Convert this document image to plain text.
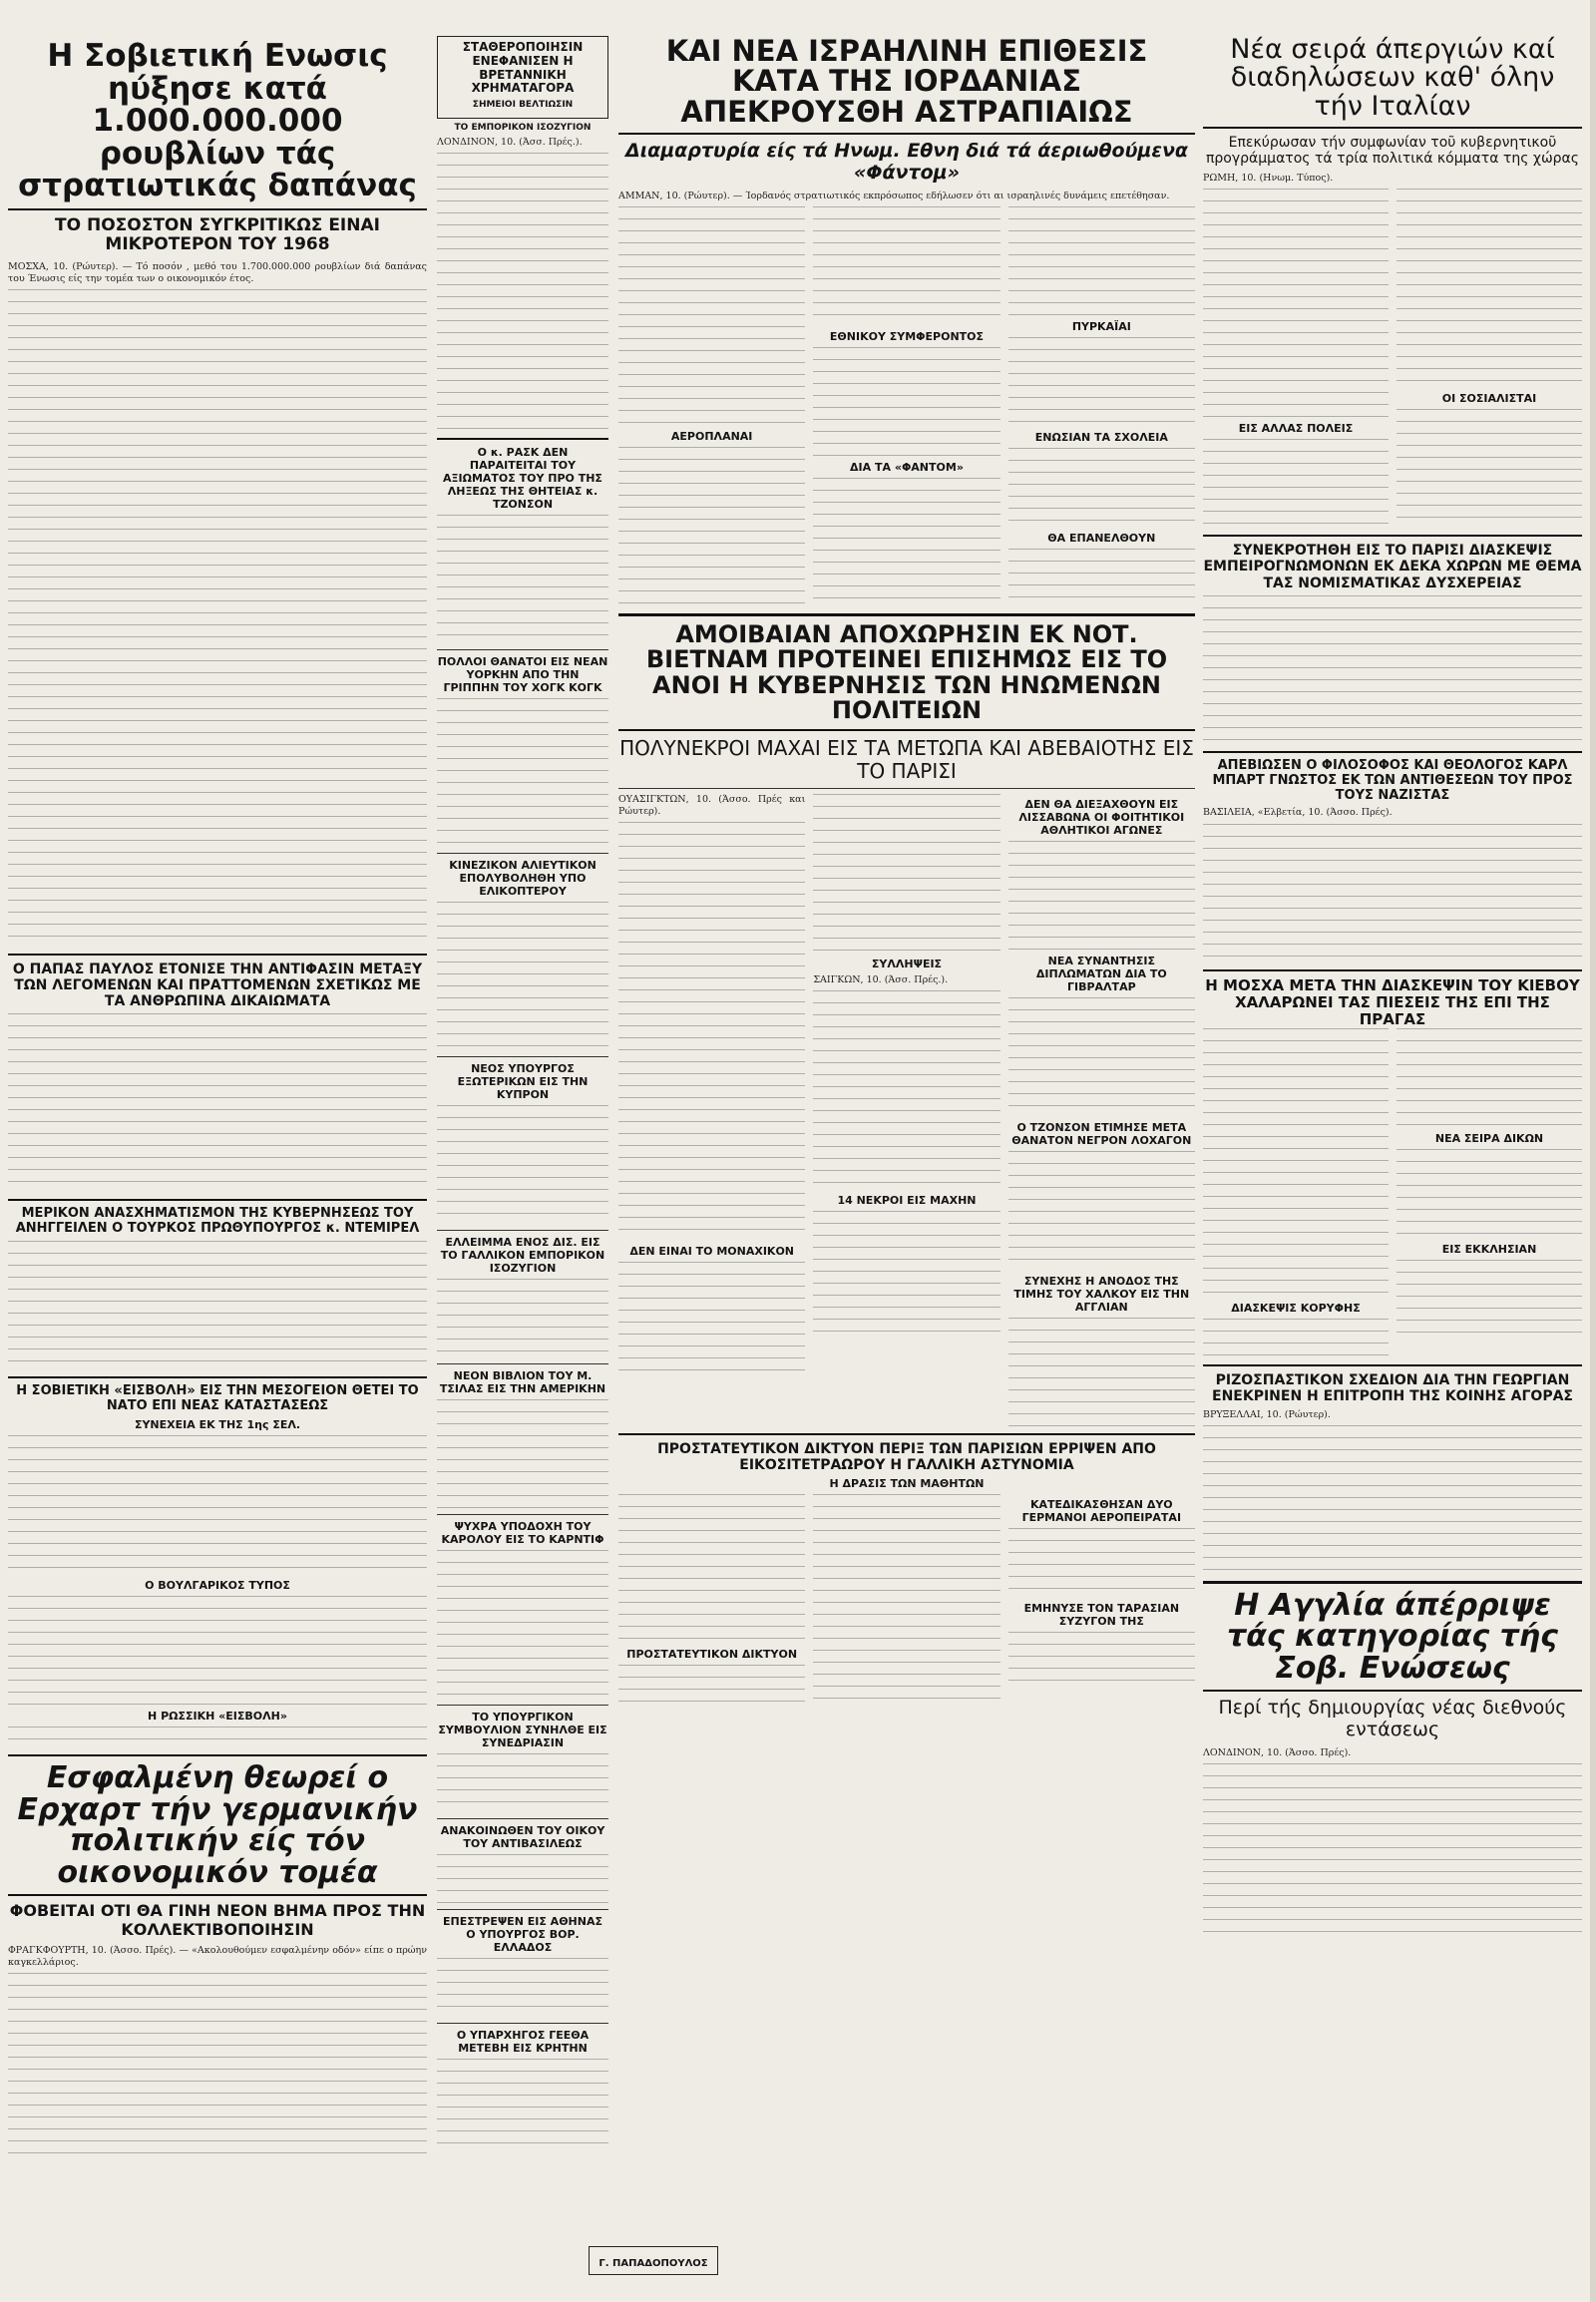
Η Σοβιετική Ενωσις ηύξησε κατά 1.000.000.000 ρουβλίων τάς στρατιωτικάς δαπάνας
ΤΟ ΠΟΣΟΣΤΟΝ ΣΥΓΚΡΙΤΙΚΩΣ ΕΙΝΑΙ ΜΙΚΡΟΤΕΡΟΝ ΤΟΥ 1968

ΜΟΣΧΑ, 10. (Ρώυτερ). — Τό ποσόν , μεθό του 1.700.000.000 ρουβλίων διά δαπάνας του Ένωσις είς την τομέα των ο οικονομικόν έτος.

Ο ΠΑΠΑΣ ΠΑΥΛΟΣ ΕΤΟΝΙΣΕ ΤΗΝ ΑΝΤΙΦΑΣΙΝ ΜΕΤΑΞΥ ΤΩΝ ΛΕΓΟΜΕΝΩΝ ΚΑΙ ΠΡΑΤΤΟΜΕΝΩΝ ΣΧΕΤΙΚΩΣ ΜΕ ΤΑ ΑΝΘΡΩΠΙΝΑ ΔΙΚΑΙΩΜΑΤΑ
ΜΕΡΙΚΟΝ ΑΝΑΣΧΗΜΑΤΙΣΜΟΝ ΤΗΣ ΚΥΒΕΡΝΗΣΕΩΣ ΤΟΥ ΑΝΗΓΓΕΙΛΕΝ Ο ΤΟΥΡΚΟΣ ΠΡΩΘΥΠΟΥΡΓΟΣ κ. ΝΤΕΜΙΡΕΛ
Η ΣΟΒΙΕΤΙΚΗ «ΕΙΣΒΟΛΗ» ΕΙΣ ΤΗΝ ΜΕΣΟΓΕΙΟΝ ΘΕΤΕΙ ΤΟ ΝΑΤΟ ΕΠΙ ΝΕΑΣ ΚΑΤΑΣΤΑΣΕΩΣ

ΣΥΝΕΧΕΙΑ ΕΚ ΤΗΣ 1ης ΣΕΛ.

Ο ΒΟΥΛΓΑΡΙΚΟΣ ΤΥΠΟΣ

Η ΡΩΣΣΙΚΗ «ΕΙΣΒΟΛΗ»

Εσφαλμένη θεωρεί ο Ερχαρτ τήν γερμανικήν πολιτικήν είς τόν οικονομικόν τομέα
ΦΟΒΕΙΤΑΙ ΟΤΙ ΘΑ ΓΙΝΗ ΝΕΟΝ ΒΗΜΑ ΠΡΟΣ ΤΗΝ ΚΟΛΛΕΚΤΙΒΟΠΟΙΗΣΙΝ

ΦΡΑΓΚΦΟΥΡΤΗ, 10. (Άσσο. Πρές). — «Ακολουθούμεν εσφαλμένην οδόν» είπε ο πρώην καγκελλάριος.

ΣΤΑΘΕΡΟΠΟΙΗΣΙΝ ΕΝΕΦΑΝΙΣΕΝ Η ΒΡΕΤΑΝΝΙΚΗ ΧΡΗΜΑΤΑΓΟΡΑ

ΣΗΜΕΙΟΙ ΒΕΛΤΙΩΣΙΝ

ΤΟ ΕΜΠΟΡΙΚΟΝ ΙΣΟΖΥΓΙΟΝ

ΛΟΝΔΙΝΟΝ, 10. (Άσσ. Πρές.).

Ο κ. ΡΑΣΚ ΔΕΝ ΠΑΡΑΙΤΕΙΤΑΙ ΤΟΥ ΑΞΙΩΜΑΤΟΣ ΤΟΥ ΠΡΟ ΤΗΣ ΛΗΞΕΩΣ ΤΗΣ ΘΗΤΕΙΑΣ κ. ΤΖΟΝΣΟΝ

ΠΟΛΛΟΙ ΘΑΝΑΤΟΙ ΕΙΣ ΝΕΑΝ ΥΟΡΚΗΝ ΑΠΟ ΤΗΝ ΓΡΙΠΠΗΝ ΤΟΥ ΧΟΓΚ ΚΟΓΚ

ΚΙΝΕΖΙΚΟΝ ΑΛΙΕΥΤΙΚΟΝ ΕΠΟΛΥΒΟΛΗΘΗ ΥΠΟ ΕΛΙΚΟΠΤΕΡΟΥ

ΝΕΟΣ ΥΠΟΥΡΓΟΣ ΕΞΩΤΕΡΙΚΩΝ ΕΙΣ ΤΗΝ ΚΥΠΡΟΝ

ΕΛΛΕΙΜΜΑ ΕΝΟΣ ΔΙΣ. ΕΙΣ ΤΟ ΓΑΛΛΙΚΟΝ ΕΜΠΟΡΙΚΟΝ ΙΣΟΖΥΓΙΟΝ

ΝΕΟΝ ΒΙΒΛΙΟΝ ΤΟΥ Μ. ΤΣΙΛΑΣ ΕΙΣ ΤΗΝ ΑΜΕΡΙΚΗΝ

ΨΥΧΡΑ ΥΠΟΔΟΧΗ ΤΟΥ ΚΑΡΟΛΟΥ ΕΙΣ ΤΟ ΚΑΡΝΤΙΦ

ΤΟ ΥΠΟΥΡΓΙΚΟΝ ΣΥΜΒΟΥΛΙΟΝ ΣΥΝΗΛΘΕ ΕΙΣ ΣΥΝΕΔΡΙΑΣΙΝ

ΑΝΑΚΟΙΝΩΘΕΝ ΤΟΥ ΟΙΚΟΥ ΤΟΥ ΑΝΤΙΒΑΣΙΛΕΩΣ

ΕΠΕΣΤΡΕΨΕΝ ΕΙΣ ΑΘΗΝΑΣ Ο ΥΠΟΥΡΓΟΣ ΒΟΡ. ΕΛΛΑΔΟΣ

Ο ΥΠΑΡΧΗΓΟΣ ΓΕΕΘΑ ΜΕΤΕΒΗ ΕΙΣ ΚΡΗΤΗΝ

ΚΑΙ ΝΕΑ ΙΣΡΑΗΛΙΝΗ ΕΠΙΘΕΣΙΣ ΚΑΤΑ ΤΗΣ ΙΟΡΔΑΝΙΑΣ ΑΠΕΚΡΟΥΣΘΗ ΑΣΤΡΑΠΙΑΙΩΣ
Διαμαρτυρία είς τά Ηνωμ. Εθνη διά τά άεριωθούμενα «Φάντομ»

ΑΜΜΑΝ, 10. (Ρώυτερ). — Ίορδανός στρατιωτικός εκπρόσωπος εδήλωσεν ότι αι ισραηλινές δυνάμεις επετέθησαν.

ΑΕΡΟΠΛΑΝΑΙ

ΕΘΝΙΚΟΥ ΣΥΜΦΕΡΟΝΤΟΣ

ΔΙΑ ΤΑ «ΦΑΝΤΟΜ»

ΠΥΡΚΑΪΑΙ

ΕΝΩΣΙΑΝ ΤΑ ΣΧΟΛΕΙΑ

ΘΑ ΕΠΑΝΕΛΘΟΥΝ

ΑΜΟΙΒΑΙΑΝ ΑΠΟΧΩΡΗΣΙΝ ΕΚ ΝΟΤ. ΒΙΕΤΝΑΜ ΠΡΟΤΕΙΝΕΙ ΕΠΙΣΗΜΩΣ ΕΙΣ ΤΟ ΑΝΟΙ Η ΚΥΒΕΡΝΗΣΙΣ ΤΩΝ ΗΝΩΜΕΝΩΝ ΠΟΛΙΤΕΙΩΝ
ΠΟΛΥΝΕΚΡΟΙ ΜΑΧΑΙ ΕΙΣ ΤΑ ΜΕΤΩΠΑ ΚΑΙ ΑΒΕΒΑΙΟΤΗΣ ΕΙΣ ΤΟ ΠΑΡΙΣΙ

ΟΥΑΣΙΓΚΤΩΝ, 10. (Άσσο. Πρές και Ρώυτερ).

ΔΕΝ ΕΙΝΑΙ ΤΟ ΜΟΝΑΧΙΚΟΝ

ΣΥΛΛΗΨΕΙΣ

ΣΑΙΓΚΩΝ, 10. (Άσσ. Πρές.).

14 ΝΕΚΡΟΙ ΕΙΣ ΜΑΧΗΝ

ΔΕΝ ΘΑ ΔΙΕΞΑΧΘΟΥΝ ΕΙΣ ΛΙΣΣΑΒΩΝΑ ΟΙ ΦΟΙΤΗΤΙΚΟΙ ΑΘΛΗΤΙΚΟΙ ΑΓΩΝΕΣ

ΝΕΑ ΣΥΝΑΝΤΗΣΙΣ ΔΙΠΛΩΜΑΤΩΝ ΔΙΑ ΤΟ ΓΙΒΡΑΛΤΑΡ

Ο ΤΖΟΝΣΟΝ ΕΤΙΜΗΣΕ ΜΕΤΑ ΘΑΝΑΤΟΝ ΝΕΓΡΟΝ ΛΟΧΑΓΟΝ

ΣΥΝΕΧΗΣ Η ΑΝΟΔΟΣ ΤΗΣ ΤΙΜΗΣ ΤΟΥ ΧΑΛΚΟΥ ΕΙΣ ΤΗΝ ΑΓΓΛΙΑΝ

ΠΡΟΣΤΑΤΕΥΤΙΚΟΝ ΔΙΚΤΥΟΝ ΠΕΡΙΞ ΤΩΝ ΠΑΡΙΣΙΩΝ ΕΡΡΙΨΕΝ ΑΠΟ ΕΙΚΟΣΙΤΕΤΡΑΩΡΟΥ Η ΓΑΛΛΙΚΗ ΑΣΤΥΝΟΜΙΑ

Η ΔΡΑΣΙΣ ΤΩΝ ΜΑΘΗΤΩΝ

ΠΡΟΣΤΑΤΕΥΤΙΚΟΝ ΔΙΚΤΥΟΝ

ΚΑΤΕΔΙΚΑΣΘΗΣΑΝ ΔΥΟ ΓΕΡΜΑΝΟΙ ΑΕΡΟΠΕΙΡΑΤΑΙ

ΕΜΗΝΥΣΕ ΤΟΝ ΤΑΡΑΣΙΑΝ ΣΥΖΥΓΟΝ ΤΗΣ

Γ. ΠΑΠΑΔΟΠΟΥΛΟΣ
Νέα σειρά άπεργιών καί διαδηλώσεων καθ' όλην τήν Ιταλίαν
Επεκύρωσαν τήν συμφωνίαν τοῦ κυβερνητικοῦ προγράμματος τά τρία πολιτικά κόμματα της χώρας

ΡΩΜΗ, 10. (Ηνωμ. Τύπος).

ΕΙΣ ΑΛΛΑΣ ΠΟΛΕΙΣ

ΟΙ ΣΟΣΙΑΛΙΣΤΑΙ

ΣΥΝΕΚΡΟΤΗΘΗ ΕΙΣ ΤΟ ΠΑΡΙΣΙ ΔΙΑΣΚΕΨΙΣ ΕΜΠΕΙΡΟΓΝΩΜΟΝΩΝ ΕΚ ΔΕΚΑ ΧΩΡΩΝ ΜΕ ΘΕΜΑ ΤΑΣ ΝΟΜΙΣΜΑΤΙΚΑΣ ΔΥΣΧΕΡΕΙΑΣ
ΑΠΕΒΙΩΣΕΝ Ο ΦΙΛΟΣΟΦΟΣ ΚΑΙ ΘΕΟΛΟΓΟΣ ΚΑΡΛ ΜΠΑΡΤ ΓΝΩΣΤΟΣ ΕΚ ΤΩΝ ΑΝΤΙΘΕΣΕΩΝ ΤΟΥ ΠΡΟΣ ΤΟΥΣ ΝΑΖΙΣΤΑΣ

ΒΑΣΙΛΕΙΑ, «Ελβετία, 10. (Άσσο. Πρές).

Η ΜΟΣΧΑ ΜΕΤΑ ΤΗΝ ΔΙΑΣΚΕΨΙΝ ΤΟΥ ΚΙΕΒΟΥ ΧΑΛΑΡΩΝΕΙ ΤΑΣ ΠΙΕΣΕΙΣ ΤΗΣ ΕΠΙ ΤΗΣ ΠΡΑΓΑΣ

ΔΙΑΣΚΕΨΙΣ ΚΟΡΥΦΗΣ

ΝΕΑ ΣΕΙΡΑ ΔΙΚΩΝ

ΕΙΣ ΕΚΚΛΗΣΙΑΝ

ΡΙΖΟΣΠΑΣΤΙΚΟΝ ΣΧΕΔΙΟΝ ΔΙΑ ΤΗΝ ΓΕΩΡΓΙΑΝ ΕΝΕΚΡΙΝΕΝ Η ΕΠΙΤΡΟΠΗ ΤΗΣ ΚΟΙΝΗΣ ΑΓΟΡΑΣ

ΒΡΥΞΕΛΛΑΙ, 10. (Ρώυτερ).

Η Αγγλία άπέρριψε τάς κατηγορίας τής Σοβ. Ενώσεως
Περί τής δημιουργίας νέας διεθνούς εντάσεως

ΛΟΝΔΙΝΟΝ, 10. (Άσσο. Πρές).
